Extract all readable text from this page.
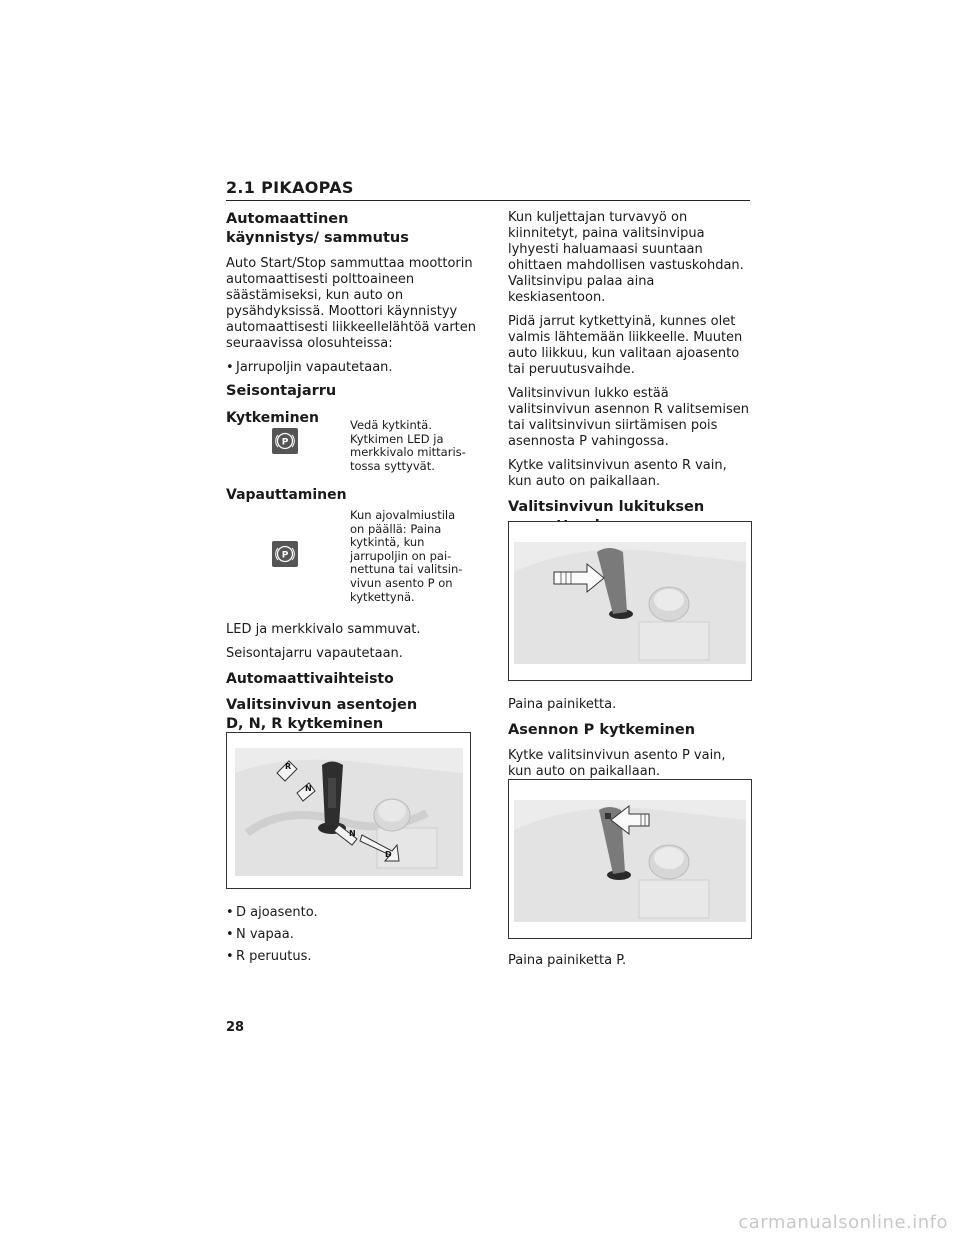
2.1 PIKAOPAS
Automaattinen käynnistys/ sammutus
Auto Start/Stop sammuttaa moottorin automaattisesti polttoaineen säästämiseksi, kun auto on pysähdyksissä. Moottori käynnistyy automaattisesti liikkeellelähtöä varten seuraavissa olosuhteissa:
• Jarrupoljin vapautetaan.
Seisontajarru
Kytkeminen
P
Vedä kytkintä. Kytkimen LED ja merkkivalo mittaris-tossa syttyvät.
Vapauttaminen
P
Kun ajovalmiustila on päällä: Paina kytkintä, kun jarrupoljin on pai-nettuna tai valitsin-vivun asento P on kytkettynä.
LED ja merkkivalo sammuvat.
Seisontajarru vapautetaan.
Automaattivaihteisto
Valitsinvivun asentojen D, N, R kytkeminen
R
N
N
D
• D ajoasento.
• N vapaa.
• R peruutus.
Kun kuljettajan turvavyö on kiinnitetyt, paina valitsinvipua lyhyesti haluamaasi suuntaan ohittaen mahdollisen vastuskohdan. Valitsinvipu palaa aina keskiasentoon.
Pidä jarrut kytkettyinä, kunnes olet valmis lähtemään liikkeelle. Muuten auto liikkuu, kun valitaan ajoasento tai peruutusvaihde.
Valitsinvivun lukko estää valitsinvivun asennon R valitsemisen tai valitsinvivun siirtämisen pois asennosta P vahingossa.
Kytke valitsinvivun asento R vain, kun auto on paikallaan.
Valitsinvivun lukituksen
Paina painiketta.
Asennon P kytkeminen
Kytke valitsinvivun asento P vain, kun auto on paikallaan.
Paina painiketta P.
28
carmanualsonline.info
